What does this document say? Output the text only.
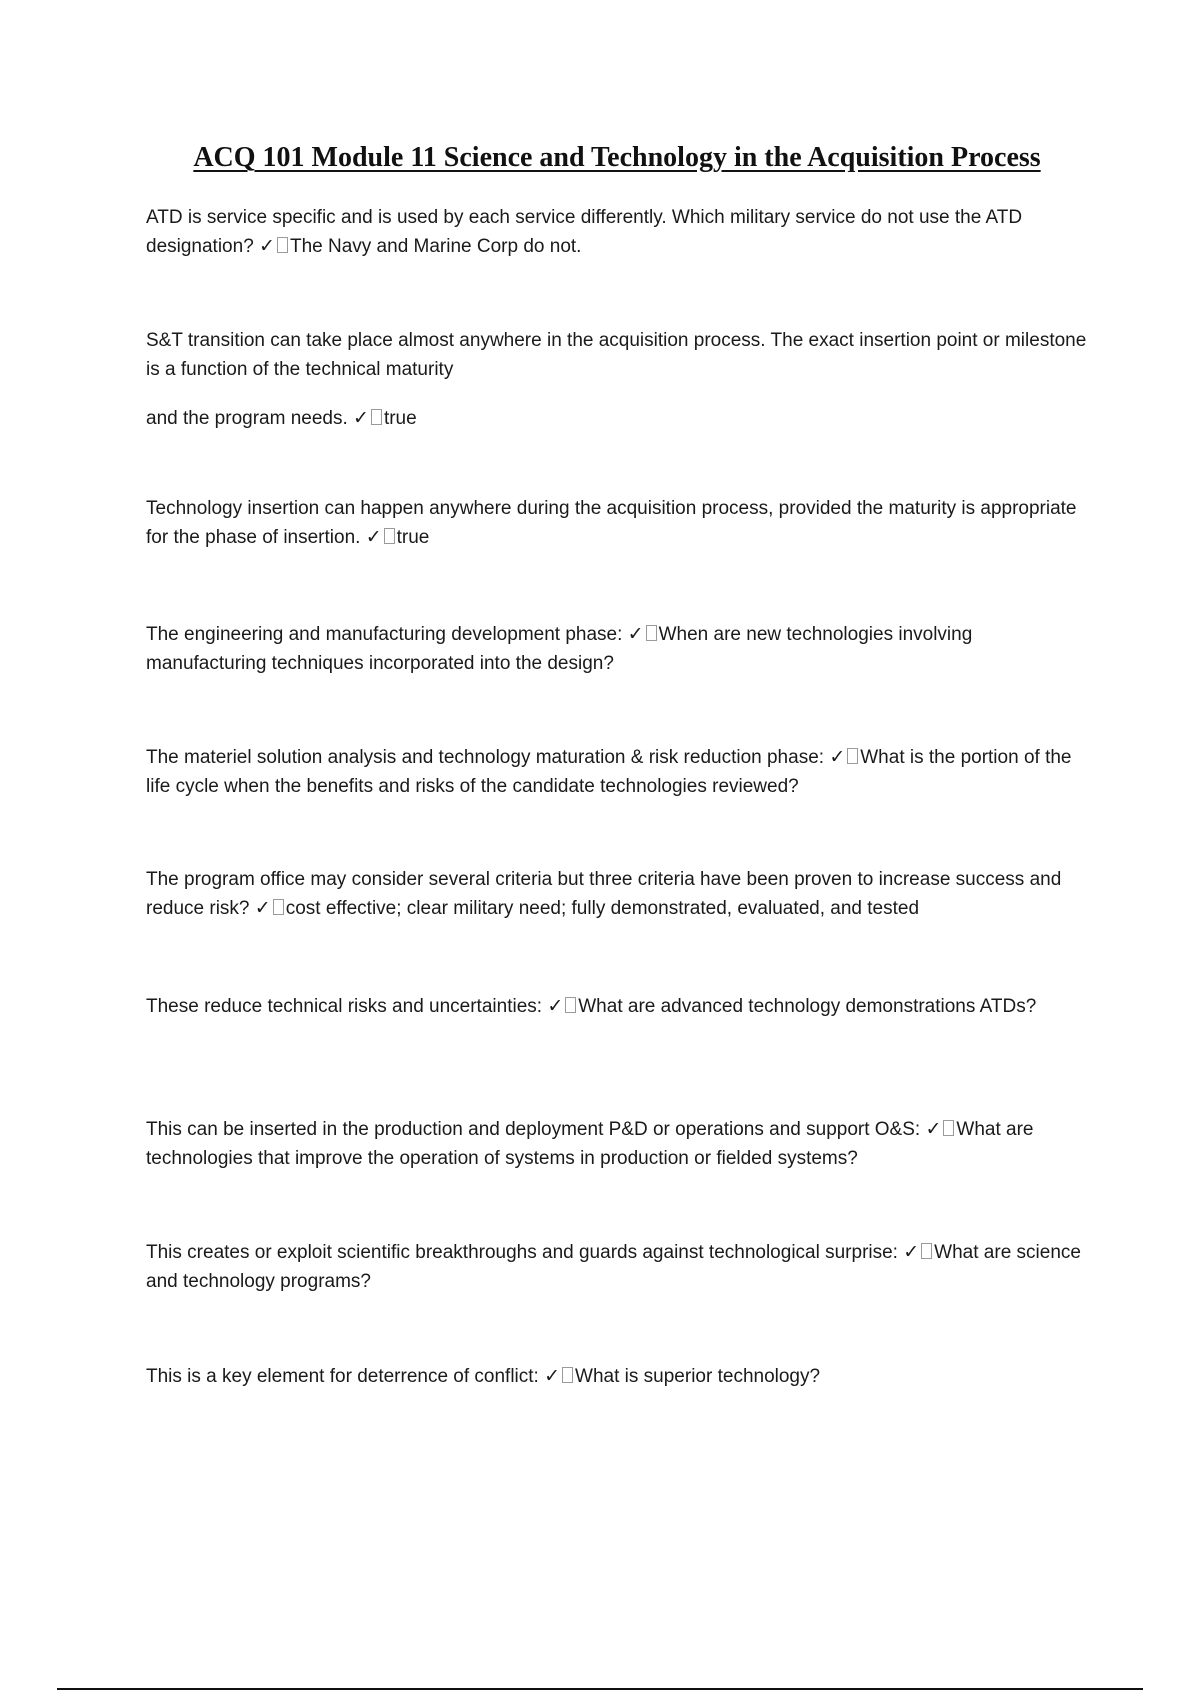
ACQ 101 Module 11 Science and Technology in the Acquisition Process

ATD is service specific and is used by each service differently. Which military service do not use the ATD designation? ✓ The Navy and Marine Corp do not.

S&T transition can take place almost anywhere in the acquisition process. The exact insertion point or milestone is a function of the technical maturity

and the program needs. ✓ true

Technology insertion can happen anywhere during the acquisition process, provided the maturity is appropriate for the phase of insertion. ✓ true

The engineering and manufacturing development phase: ✓ When are new technologies involving manufacturing techniques incorporated into the design?

The materiel solution analysis and technology maturation & risk reduction phase: ✓ What is the portion of the life cycle when the benefits and risks of the candidate technologies reviewed?

The program office may consider several criteria but three criteria have been proven to increase success and reduce risk? ✓ cost effective; clear military need; fully demonstrated, evaluated, and tested

These reduce technical risks and uncertainties: ✓ What are advanced technology demonstrations ATDs?

This can be inserted in the production and deployment P&D or operations and support O&S: ✓ What are technologies that improve the operation of systems in production or fielded systems?

This creates or exploit scientific breakthroughs and guards against technological surprise: ✓ What are science and technology programs?

This is a key element for deterrence of conflict: ✓ What is superior technology?
